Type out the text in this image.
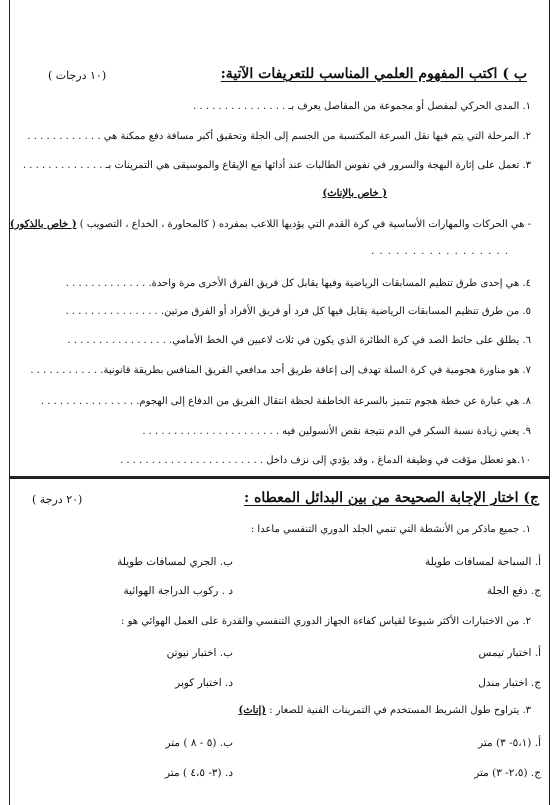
ب ) اكتب المفهوم العلمي المناسب للتعريفات الآتية:
(١٠ درجات )
١. المدى الحركي لمفصل أو مجموعة من المفاصل يعرف بـ . . . . . . . . . . . . . . .
٢. المرحلة التي يتم فيها نقل السرعة المكتسبة من الجسم إلى الجلة وتحقيق أكبر مسافة دفع ممكنة هي . . . . . . . . . . . .
٣. تعمل على إثارة البهجة والسرور في نفوس الطالبات عند أدائها مع الإيقاع والموسيقى هي التمرينات بـ . . . . . . . . . . . . .
( خاص بالإناث)
- هي الحركات والمهارات الأساسية في كرة القدم التي يؤديها اللاعب بمفرده ( كالمحاورة ، الخداع ، التصويب ) ( خاص بالذكور)
. . . . . . . . . . . . . . . . .
٤. هي إحدى طرق تنظيم المسابقات الرياضية وفيها يقابل كل فريق الفرق الأخرى مرة واحدة. . . . . . . . . . . . . .
٥. من طرق تنظيم المسابقات الرياضية يقابل فيها كل فرد أو فريق الأفراد أو الفرق مرتين. . . . . . . . . . . . . . . .
٦. يطلق على حائط الصد في كرة الطائرة الذي يكون في ثلاث لاعبين في الخط الأمامي. . . . . . . . . . . . . . . . .
٧. هو مناورة هجومية في كرة السلة تهدف إلى إعاقة طريق أحد مدافعي الفريق المنافس بطريقة قانونية. . . . . . . . . . . .
٨. هي عبارة عن خطة هجوم تتميز بالسرعة الخاطفة لحظة انتقال الفريق من الدفاع إلى الهجوم. . . . . . . . . . . . . . . .
٩. يعني زيادة نسبة السكر في الدم نتيجة نقص الأنسولين فيه . . . . . . . . . . . . . . . . . . . . . .
١٠.هو تعطل مؤقت في وظيفة الدماغ ، وقد يؤدي إلى نزف داخل . . . . . . . . . . . . . . . . . . . . . . .
ج) اختار الإجابة الصحيحة من بين البدائل المعطاه :
(٢٠ درجة )
١. جميع ماذكر من الأنشطة التي تنمي الجلد الدوري التنفسي ماعدا :
أ. السباحة لمسافات طويلة
ب. الجري لمسافات طويلة
ج. دفع الجلة
د . ركوب الدراجة الهوائية
٢. من الاختبارات الأكثر شيوعا لقياس كفاءة الجهاز الدوري التنفسي والقدرة على العمل الهوائي هو :
أ. اختبار تيمس
ب. اختبار نيوتن
ج. اختبار مندل
د. اختبار كوبر
٣. يتراوح طول الشريط المستخدم في التمرينات الفنية للصغار : (إناث)
أ. (٥،١- ٣) متر
ب. (٥ - ٨ ) متر
ج. (٢،٥- ٣) متر
د. (٣- ٤،٥ ) متر
